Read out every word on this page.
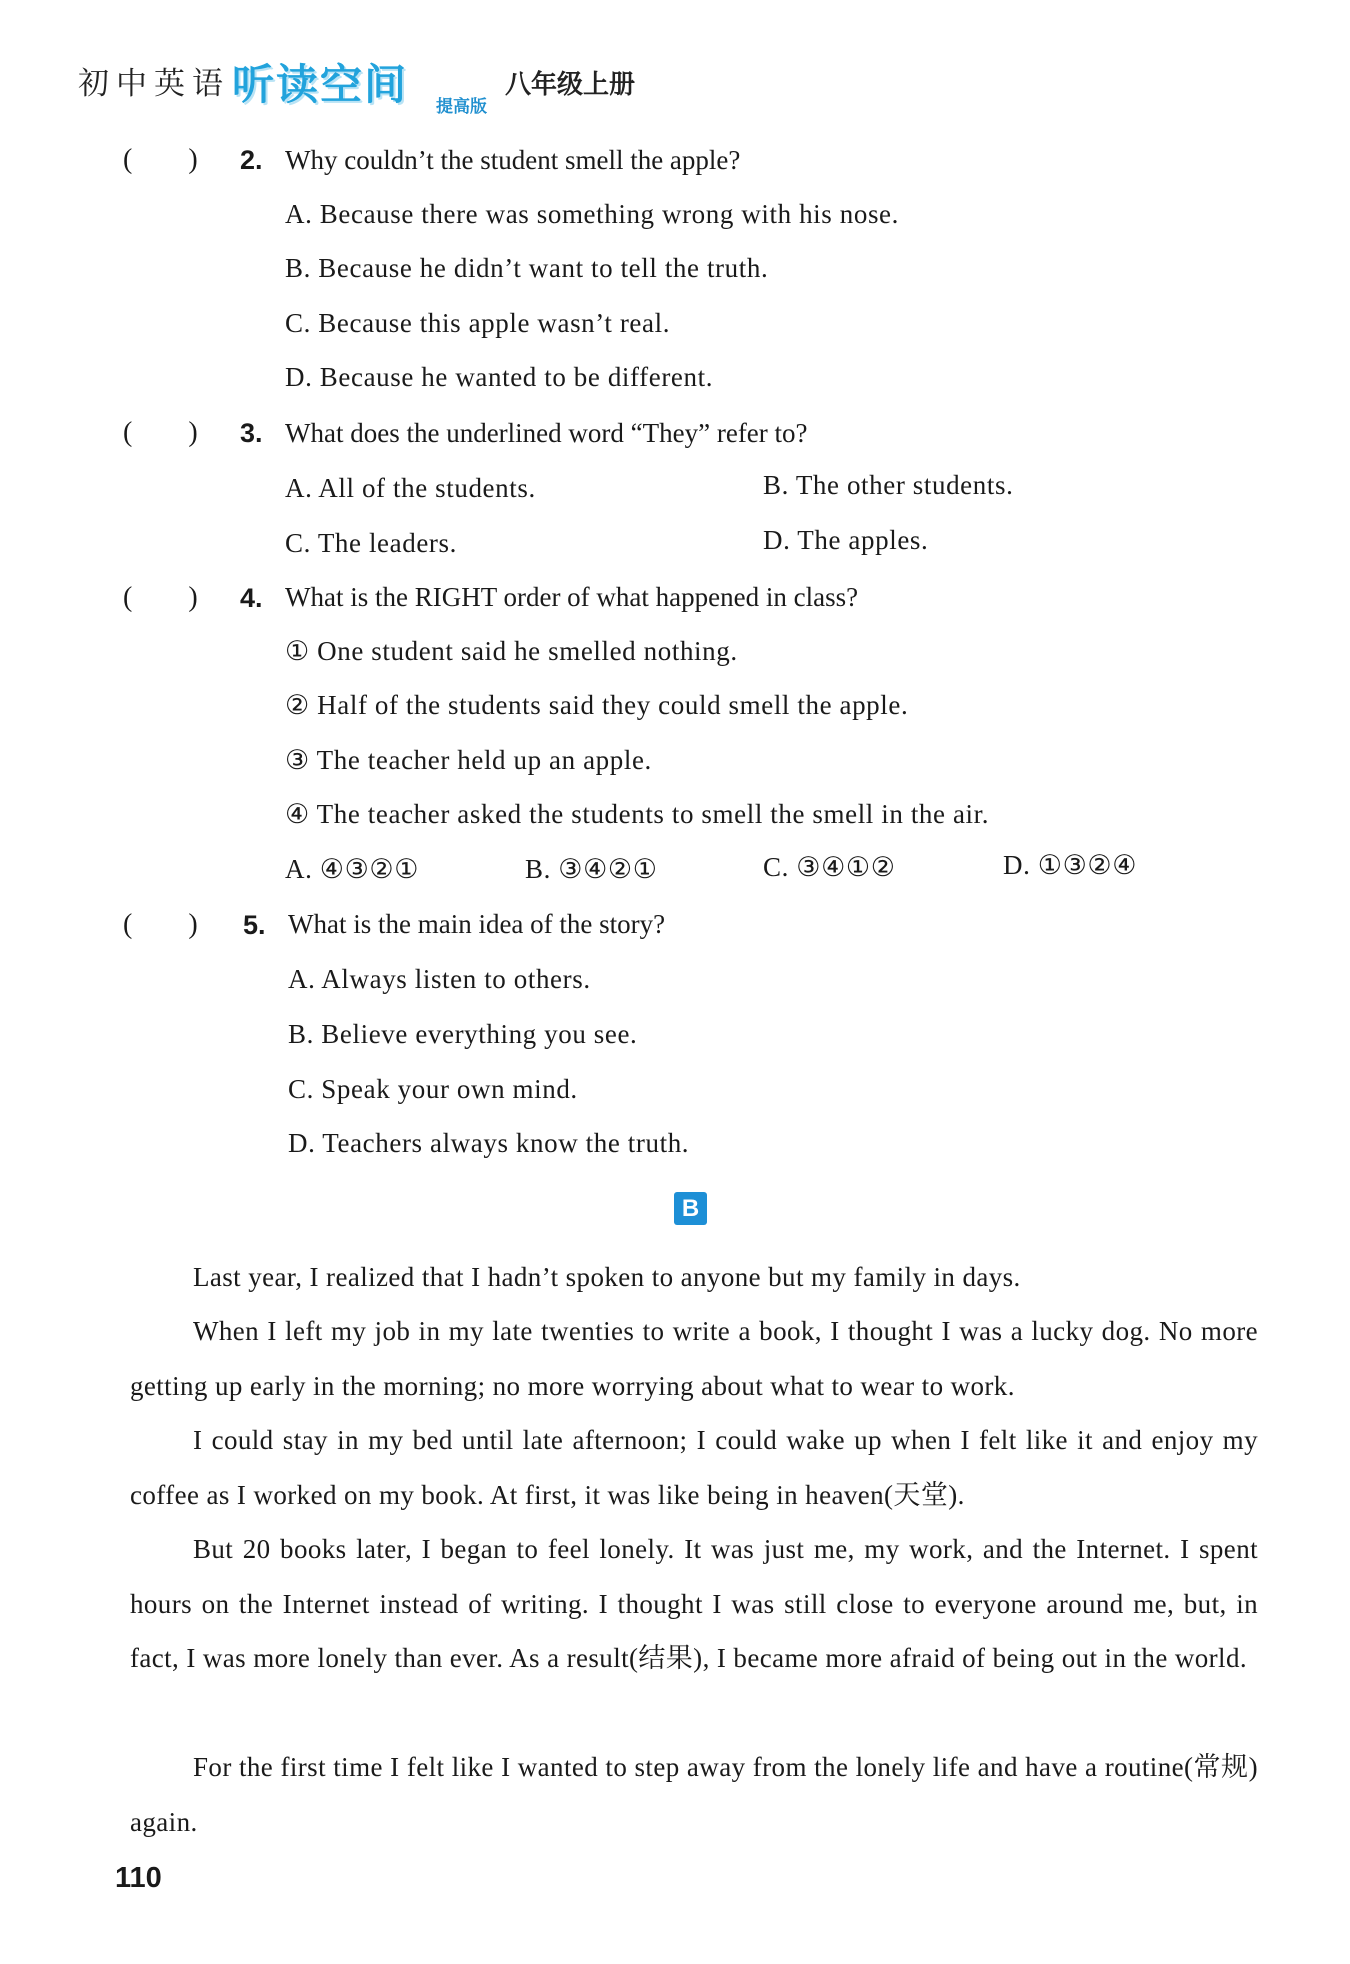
初中英语 听读空间 提高版
八年级上册
(　　) 2. Why couldn’t the student smell the apple?
A. Because there was something wrong with his nose.
B. Because he didn’t want to tell the truth.
C. Because this apple wasn’t real.
D. Because he wanted to be different.
(　　) 3. What does the underlined word “They” refer to?
A. All of the students.	B. The other students.
C. The leaders.	D. The apples.
(　　) 4. What is the RIGHT order of what happened in class?
① One student said he smelled nothing.
② Half of the students said they could smell the apple.
③ The teacher held up an apple.
④ The teacher asked the students to smell the smell in the air.
A. ④③②①	B. ③④②①	C. ③④①②	D. ①③②④
(　　) 5. What is the main idea of the story?
A. Always listen to others.
B. Believe everything you see.
C. Speak your own mind.
D. Teachers always know the truth.
B
Last year, I realized that I hadn’t spoken to anyone but my family in days.
When I left my job in my late twenties to write a book, I thought I was a lucky dog. No more getting up early in the morning; no more worrying about what to wear to work.
I could stay in my bed until late afternoon; I could wake up when I felt like it and enjoy my coffee as I worked on my book. At first, it was like being in heaven(天堂).
But 20 books later, I began to feel lonely. It was just me, my work, and the Internet. I spent hours on the Internet instead of writing. I thought I was still close to everyone around me, but, in fact, I was more lonely than ever. As a result(结果), I became more afraid of being out in the world.
For the first time I felt like I wanted to step away from the lonely life and have a routine(常规) again.
110
